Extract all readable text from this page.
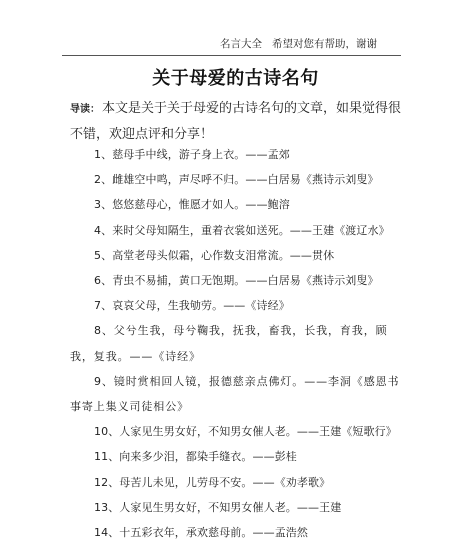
名言大全 希望对您有帮助，谢谢
关于母爱的古诗名句
导读： 本文是关于关于母爱的古诗名句的文章，如果觉得很不错，欢迎点评和分享！
1、慈母手中线，游子身上衣。——孟郊
2、雌雄空中鸣，声尽呼不归。——白居易《燕诗示刘叟》
3、悠悠慈母心，惟愿才如人。——鲍溶
4、来时父母知隔生，重着衣裳如送死。——王建《渡辽水》
5、高堂老母头似霜，心作数支泪常流。——贯休
6、青虫不易捕，黄口无饱期。——白居易《燕诗示刘叟》
7、哀哀父母，生我劬劳。——《诗经》
8、父兮生我，母兮鞠我，抚我，畜我，长我，育我，顾我，复我。——《诗经》
9、镜时赏相回人镜，报德慈亲点佛灯。——李洞《感恩书事寄上集义司徒相公》
10、人家见生男女好，不知男女催人老。——王建《短歌行》
11、向来多少泪，都染手缝衣。——彭桂
12、母苦儿未见，儿劳母不安。——《劝孝歌》
13、人家见生男女好，不知男女催人老。——王建
14、十五彩衣年，承欢慈母前。——孟浩然
